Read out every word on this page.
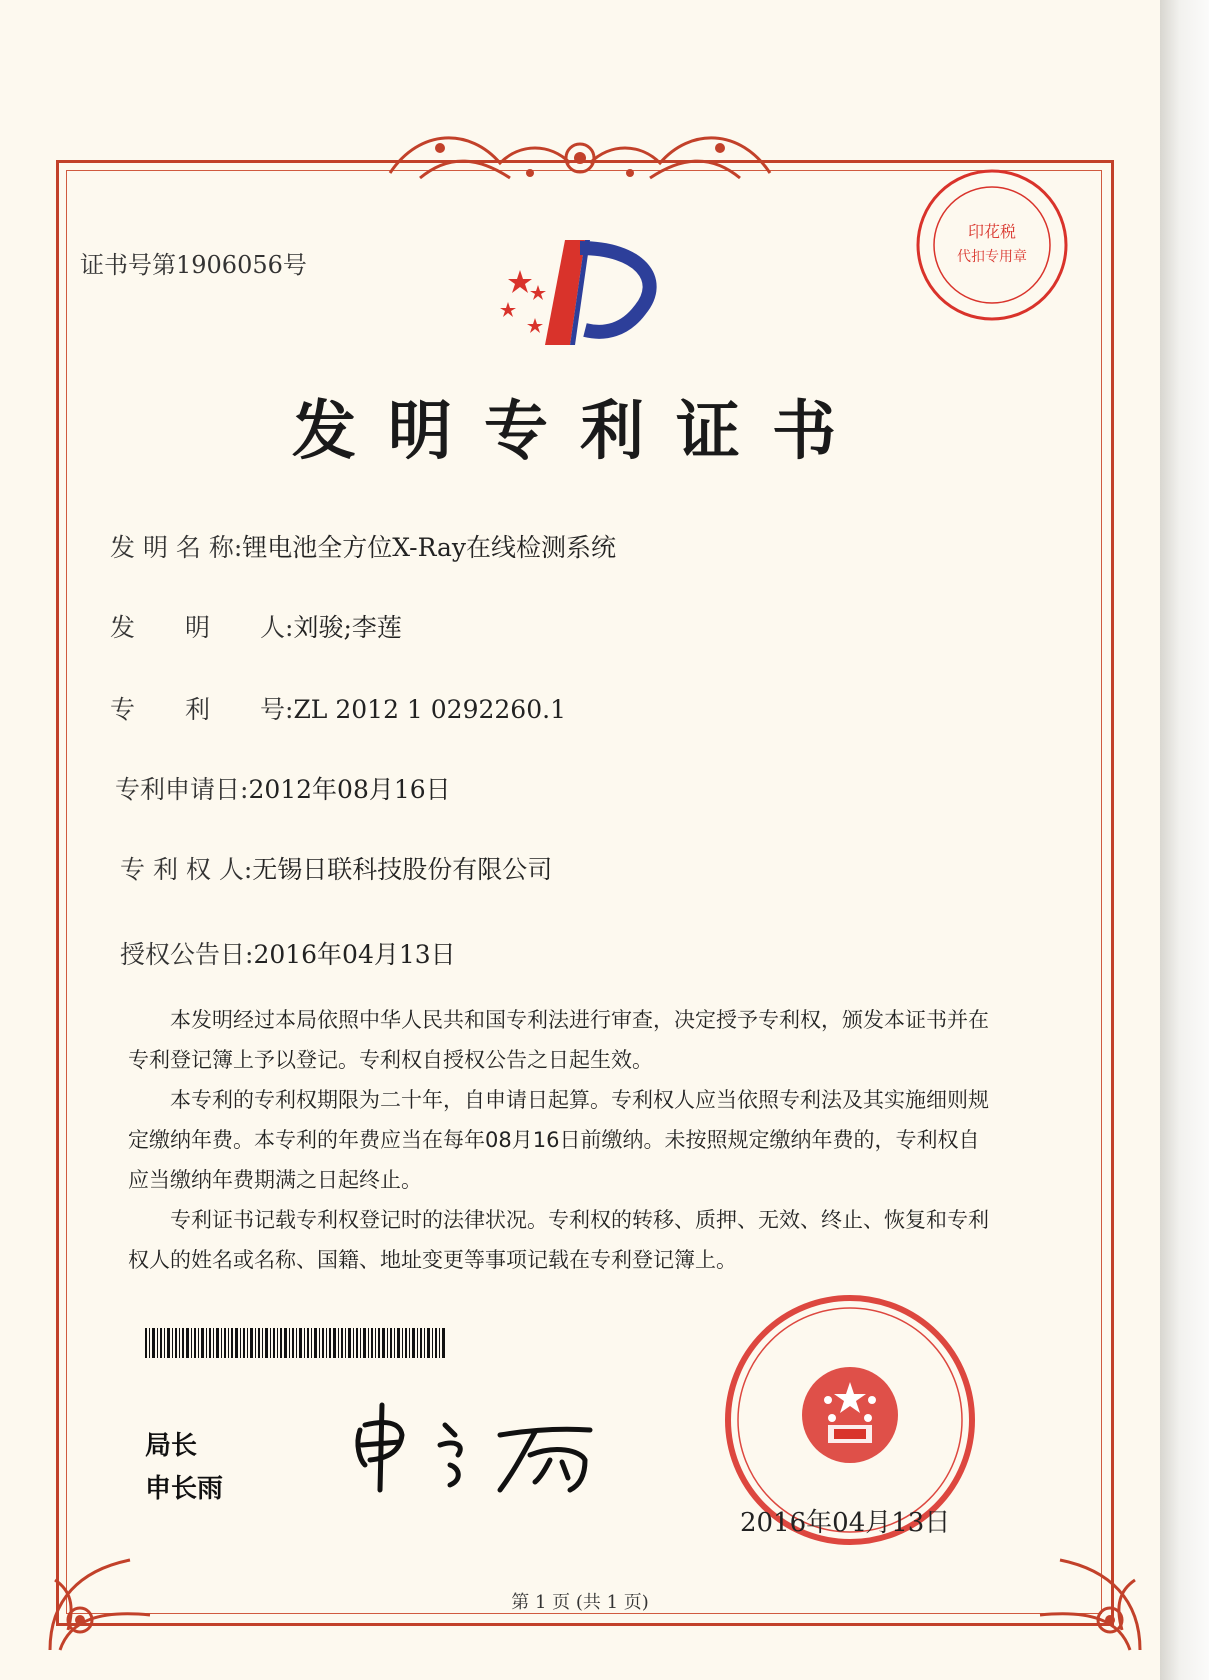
证书号第1906056号
印花税
代扣专用章
发明专利证书
发 明 名 称:锂电池全方位X-Ray在线检测系统
发　　明　　人:刘骏;李莲
专　　利　　号:ZL 2012 1 0292260.1
专利申请日:2012年08月16日
专 利 权 人:无锡日联科技股份有限公司
授权公告日:2016年04月13日

本发明经过本局依照中华人民共和国专利法进行审查，决定授予专利权，颁发本证书并在专利登记簿上予以登记。专利权自授权公告之日起生效。

本专利的专利权期限为二十年，自申请日起算。专利权人应当依照专利法及其实施细则规定缴纳年费。本专利的年费应当在每年08月16日前缴纳。未按照规定缴纳年费的，专利权自应当缴纳年费期满之日起终止。

专利证书记载专利权登记时的法律状况。专利权的转移、质押、无效、终止、恢复和专利权人的姓名或名称、国籍、地址变更等事项记载在专利登记簿上。

局长
申长雨
2016年04月13日
第 1 页 (共 1 页)
